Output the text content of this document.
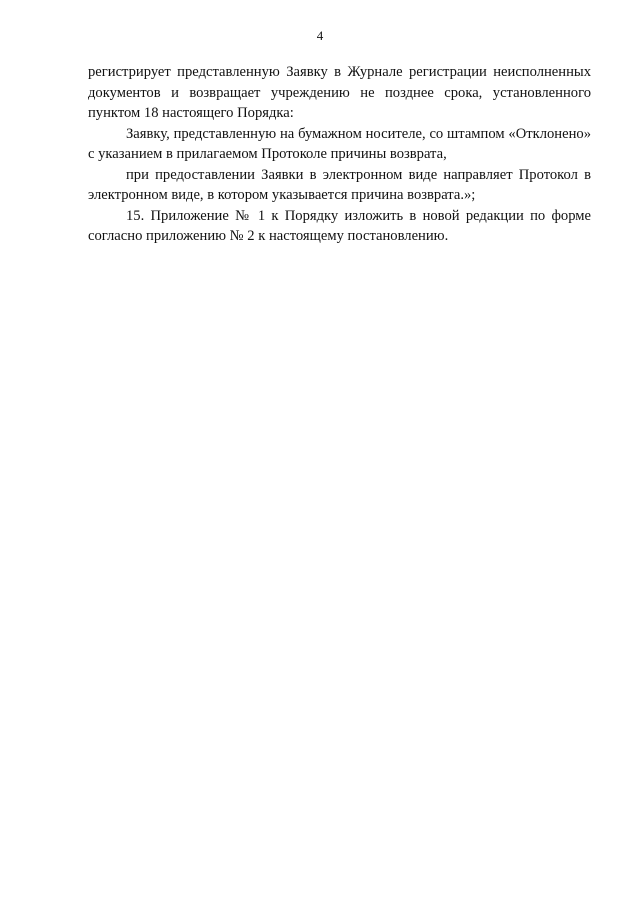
4

регистрирует представленную Заявку в Журнале регистрации неисполненных документов и возвращает учреждению не позднее срока, установленного пунктом 18 настоящего Порядка:

Заявку, представленную на бумажном носителе, со штампом «Отклонено» с указанием в прилагаемом Протоколе причины возврата,

при предоставлении Заявки в электронном виде направляет Протокол в электронном виде, в котором указывается причина возврата.»;

15. Приложение № 1 к Порядку изложить в новой редакции по форме согласно приложению № 2 к настоящему постановлению.
